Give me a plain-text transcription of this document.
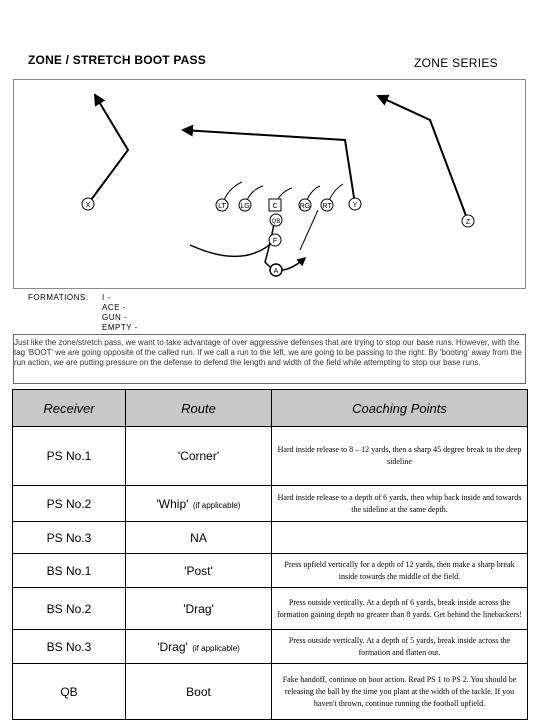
ZONE / STRETCH BOOT PASS	ZONE SERIES
X	LT LG	C	RG RT	Y
Z
QB
F
A
FORMATIONS: I -
ACE -
GUN -
EMPTY -
Just like the zone/stretch pass, we want to take advantage of over aggressive defenses that are trying to stop our base runs. However, with the tag 'BOOT' we are going opposite of the called run. If we call a run to the left, we are going to be passing to the right. By 'booting' away from the run action, we are putting pressure on the defense to defend the length and width of the field while attempting to stop our base runs.
Receiver	Route	Coaching Points
PS No.1	'Corner'	Hard inside release to 8 – 12 yards, then a sharp 45 degree break to the deep sideline
PS No.2	'Whip' (if applicable)	Hard inside release to a depth of 6 yards, then whip back inside and towards the sideline at the same depth.
PS No.3	NA	
BS No.1	'Post'	Press upfield vertically for a depth of 12 yards, then make a sharp break inside towards the middle of the field.
BS No.2	'Drag'	Press outside vertically. At a depth of 6 yards, break inside across the formation gaining depth no greater than 8 yards. Get behind the linebackers!
BS No.3	'Drag' (if applicable)	Press outside vertically. At a depth of 5 yards, break inside across the formation and flatten out.
QB	Boot	Fake handoff, continue on boot action. Read PS 1 to PS 2. You should be releasing the ball by the time you plant at the width of the tackle. If you haven't thrown, continue running the football upfield.
